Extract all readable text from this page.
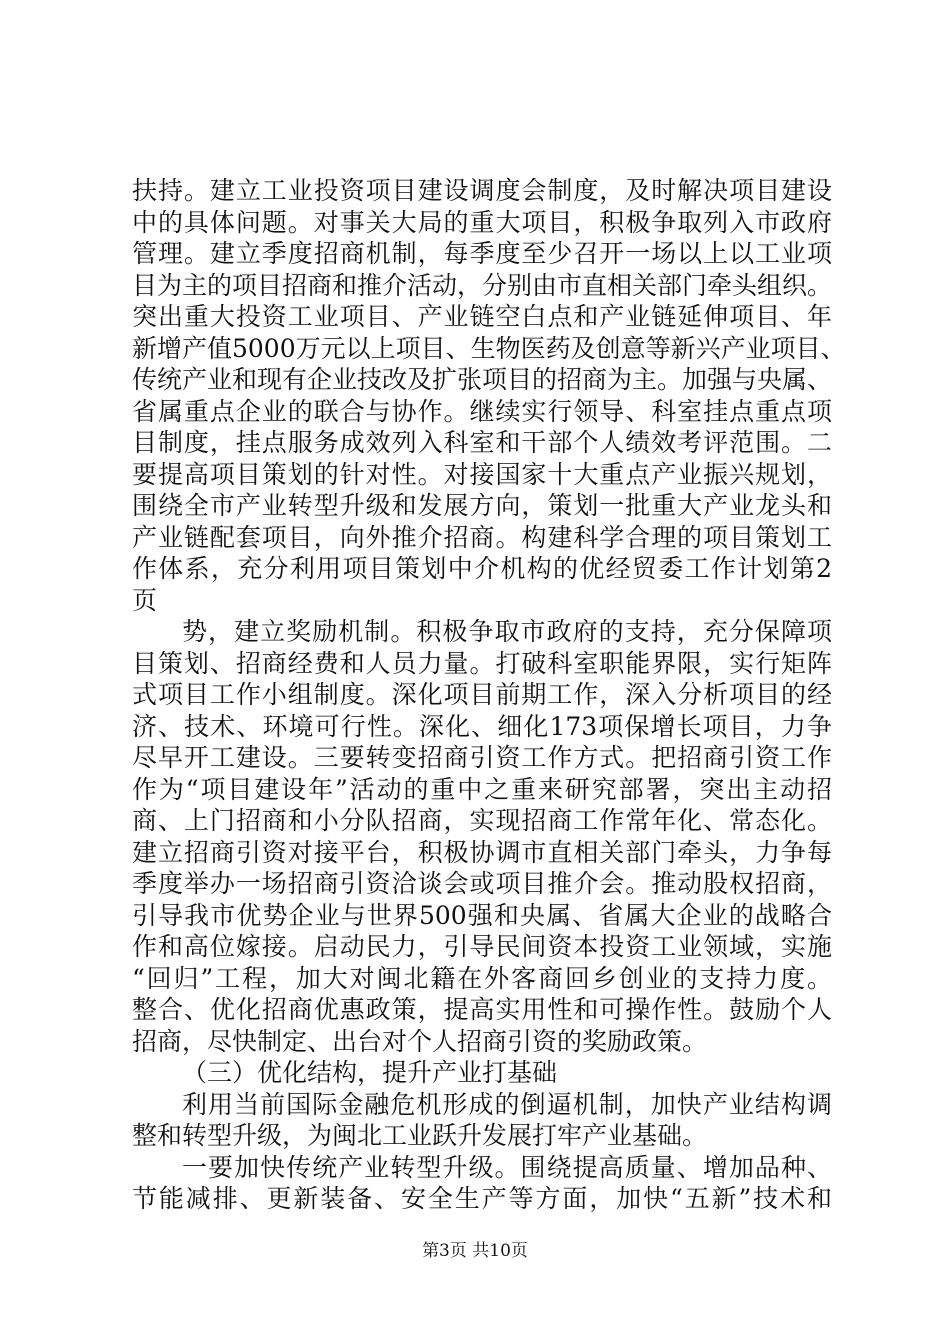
扶持。建立工业投资项目建设调度会制度，及时解决项目建设
中的具体问题。对事关大局的重大项目，积极争取列入市政府
管理。建立季度招商机制，每季度至少召开一场以上以工业项
目为主的项目招商和推介活动，分别由市直相关部门牵头组织。
突出重大投资工业项目、产业链空白点和产业链延伸项目、年
新增产值5000万元以上项目、生物医药及创意等新兴产业项目、
传统产业和现有企业技改及扩张项目的招商为主。加强与央属、
省属重点企业的联合与协作。继续实行领导、科室挂点重点项
目制度，挂点服务成效列入科室和干部个人绩效考评范围。二
要提高项目策划的针对性。对接国家十大重点产业振兴规划，
围绕全市产业转型升级和发展方向，策划一批重大产业龙头和
产业链配套项目，向外推介招商。构建科学合理的项目策划工
作体系，充分利用项目策划中介机构的优经贸委工作计划第2
页
势，建立奖励机制。积极争取市政府的支持，充分保障项
目策划、招商经费和人员力量。打破科室职能界限，实行矩阵
式项目工作小组制度。深化项目前期工作，深入分析项目的经
济、技术、环境可行性。深化、细化173项保增长项目，力争
尽早开工建设。三要转变招商引资工作方式。把招商引资工作
作为“项目建设年”活动的重中之重来研究部署，突出主动招
商、上门招商和小分队招商，实现招商工作常年化、常态化。
建立招商引资对接平台，积极协调市直相关部门牵头，力争每
季度举办一场招商引资洽谈会或项目推介会。推动股权招商，
引导我市优势企业与世界500强和央属、省属大企业的战略合
作和高位嫁接。启动民力，引导民间资本投资工业领域，实施
“回归”工程，加大对闽北籍在外客商回乡创业的支持力度。
整合、优化招商优惠政策，提高实用性和可操作性。鼓励个人
招商，尽快制定、出台对个人招商引资的奖励政策。
（三）优化结构，提升产业打基础
利用当前国际金融危机形成的倒逼机制，加快产业结构调
整和转型升级，为闽北工业跃升发展打牢产业基础。
一要加快传统产业转型升级。围绕提高质量、增加品种、
节能减排、更新装备、安全生产等方面，加快“五新”技术和
第3页 共10页
